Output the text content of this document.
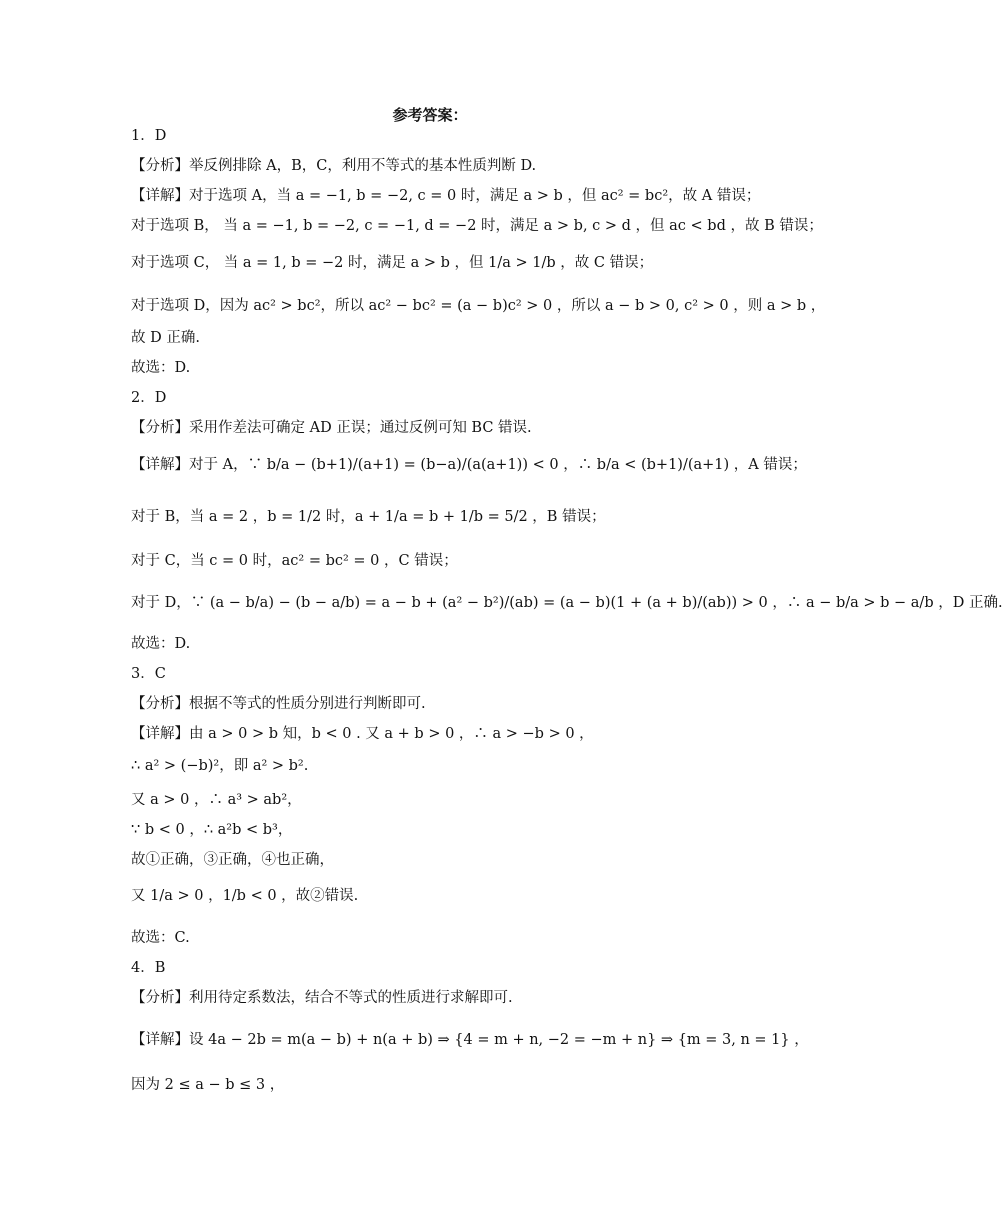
参考答案：
1．D
【分析】举反例排除 A，B，C，利用不等式的基本性质判断 D.
【详解】对于选项 A，当 a = −1, b = −2, c = 0 时，满足 a > b ，但 ac² = bc²，故 A 错误；
对于选项 B， 当 a = −1, b = −2, c = −1, d = −2 时，满足 a > b, c > d ，但 ac < bd ，故 B 错误；
对于选项 C， 当 a = 1, b = −2 时，满足 a > b ，但 1/a > 1/b ，故 C 错误；
对于选项 D，因为 ac² > bc²，所以 ac² − bc² = (a − b)c² > 0 ，所以 a − b > 0, c² > 0 ，则 a > b ，
故 D 正确.
故选：D.
2．D
【分析】采用作差法可确定 AD 正误；通过反例可知 BC 错误.
【详解】对于 A，∵ b/a − (b+1)/(a+1) = (b−a)/(a(a+1)) < 0 ，∴ b/a < (b+1)/(a+1) ，A 错误；
对于 B，当 a = 2 ，b = 1/2 时，a + 1/a = b + 1/b = 5/2 ，B 错误；
对于 C，当 c = 0 时，ac² = bc² = 0 ，C 错误；
对于 D，∵ (a − b/a) − (b − a/b) = a − b + (a² − b²)/(ab) = (a − b)(1 + (a + b)/(ab)) > 0 ，∴ a − b/a > b − a/b ，D 正确.
故选：D.
3．C
【分析】根据不等式的性质分别进行判断即可.
【详解】由 a > 0 > b 知，b < 0 . 又 a + b > 0 ，∴ a > −b > 0 ，
∴ a² > (−b)²，即 a² > b².
又 a > 0 ，∴ a³ > ab²，
∵ b < 0 ，∴ a²b < b³，
故①正确，③正确，④也正确，
又 1/a > 0 ，1/b < 0 ，故②错误.
故选：C.
4．B
【分析】利用待定系数法，结合不等式的性质进行求解即可.
【详解】设 4a − 2b = m(a − b) + n(a + b) ⇒ {4 = m + n, −2 = −m + n} ⇒ {m = 3, n = 1} ，
因为 2 ≤ a − b ≤ 3 ，
